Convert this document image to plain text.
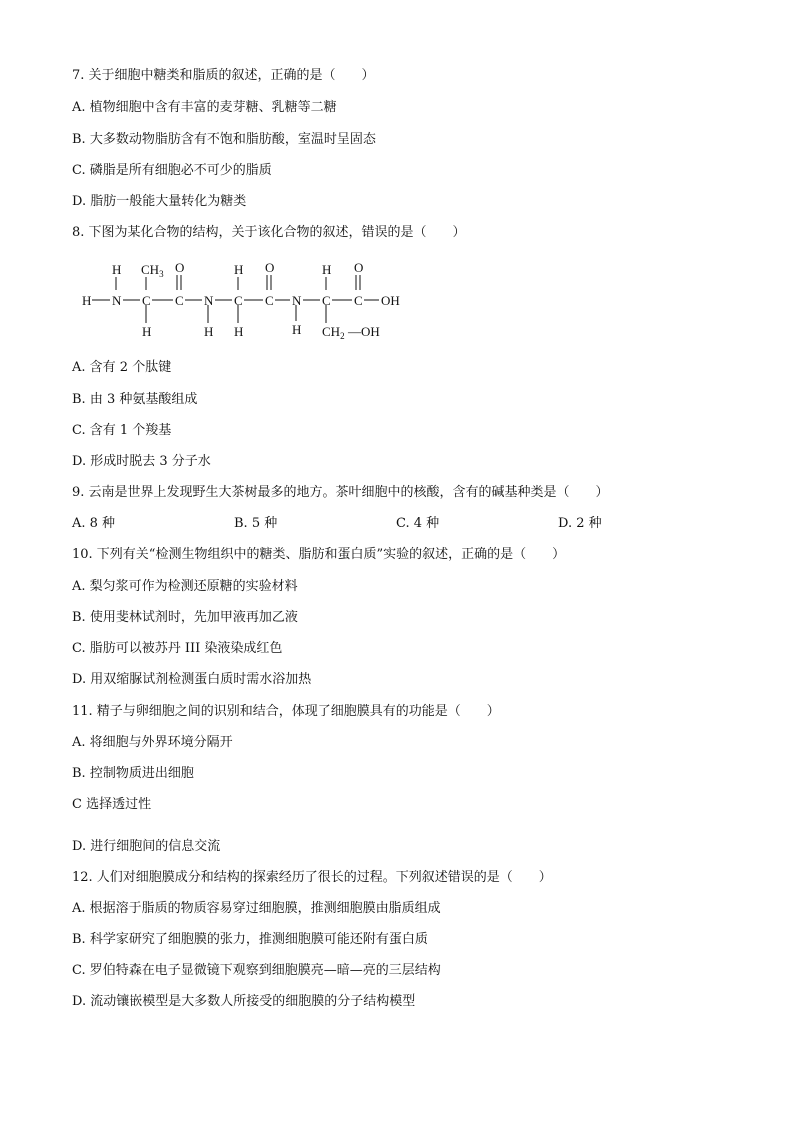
7. 关于细胞中糖类和脂质的叙述，正确的是（　　）
A. 植物细胞中含有丰富的麦芽糖、乳糖等二糖
B. 大多数动物脂肪含有不饱和脂肪酸，室温时呈固态
C. 磷脂是所有细胞必不可少的脂质
D. 脂肪一般能大量转化为糖类
8. 下图为某化合物的结构，关于该化合物的叙述，错误的是（　　）
H $CH_3$ O	H O	H O
H N C C N C C N C C OH
H	H H	H $CH_2$ —OH
A. 含有 2 个肽键
B. 由 3 种氨基酸组成
C. 含有 1 个羧基
D. 形成时脱去 3 分子水
9. 云南是世界上发现野生大茶树最多的地方。茶叶细胞中的核酸，含有的碱基种类是（　　）
A. 8 种	B. 5 种	C. 4 种	D. 2 种
10. 下列有关“检测生物组织中的糖类、脂肪和蛋白质”实验的叙述，正确的是（　　）
A. 梨匀浆可作为检测还原糖的实验材料
B. 使用斐林试剂时，先加甲液再加乙液
C. 脂肪可以被苏丹 III 染液染成红色
D. 用双缩脲试剂检测蛋白质时需水浴加热
11. 精子与卵细胞之间的识别和结合，体现了细胞膜具有的功能是（　　）
A. 将细胞与外界环境分隔开
B. 控制物质进出细胞
C 选择透过性
D. 进行细胞间的信息交流
12. 人们对细胞膜成分和结构的探索经历了很长的过程。下列叙述错误的是（　　）
A. 根据溶于脂质的物质容易穿过细胞膜，推测细胞膜由脂质组成
B. 科学家研究了细胞膜的张力，推测细胞膜可能还附有蛋白质
C. 罗伯特森在电子显微镜下观察到细胞膜亮—暗—亮的三层结构
D. 流动镶嵌模型是大多数人所接受的细胞膜的分子结构模型
